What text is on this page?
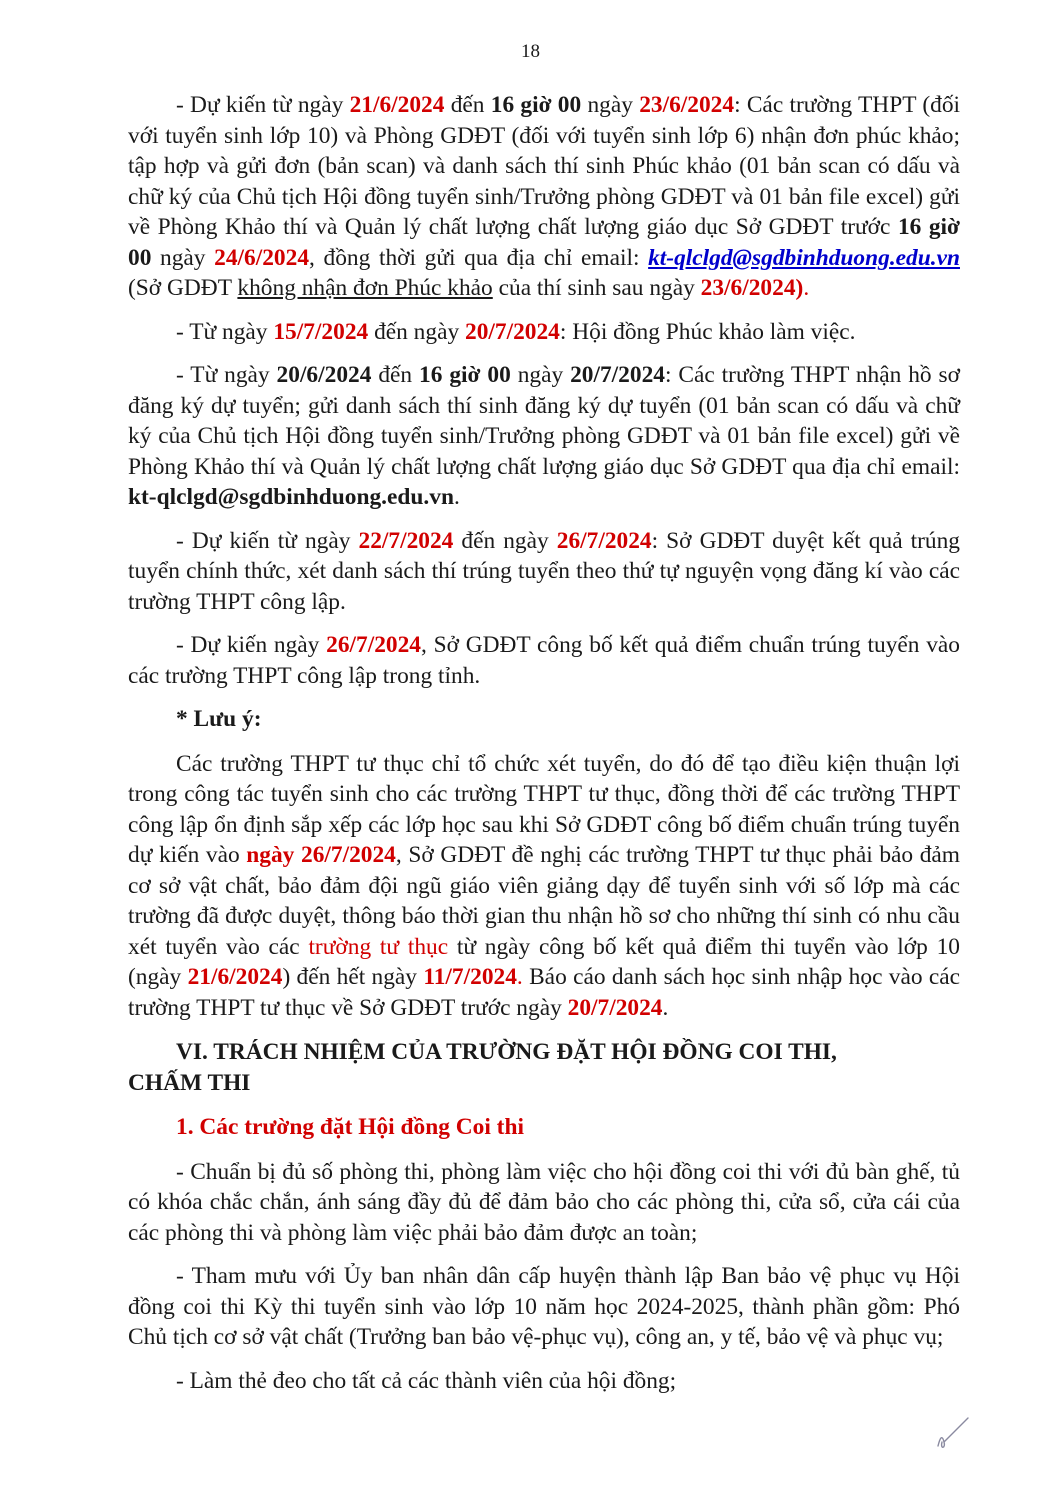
18

- Dự kiến từ ngày 21/6/2024 đến 16 giờ 00 ngày 23/6/2024: Các trường THPT (đối với tuyển sinh lớp 10) và Phòng GDĐT (đối với tuyển sinh lớp 6) nhận đơn phúc khảo; tập hợp và gửi đơn (bản scan) và danh sách thí sinh Phúc khảo (01 bản scan có dấu và chữ ký của Chủ tịch Hội đồng tuyển sinh/Trưởng phòng GDĐT và 01 bản file excel) gửi về Phòng Khảo thí và Quản lý chất lượng chất lượng giáo dục Sở GDĐT trước 16 giờ 00 ngày 24/6/2024, đồng thời gửi qua địa chỉ email: kt-qlclgd@sgdbinhduong.edu.vn (Sở GDĐT không nhận đơn Phúc khảo của thí sinh sau ngày 23/6/2024).

- Từ ngày 15/7/2024 đến ngày 20/7/2024: Hội đồng Phúc khảo làm việc.

- Từ ngày 20/6/2024 đến 16 giờ 00 ngày 20/7/2024: Các trường THPT nhận hồ sơ đăng ký dự tuyển; gửi danh sách thí sinh đăng ký dự tuyển (01 bản scan có dấu và chữ ký của Chủ tịch Hội đồng tuyển sinh/Trưởng phòng GDĐT và 01 bản file excel) gửi về Phòng Khảo thí và Quản lý chất lượng chất lượng giáo dục Sở GDĐT qua địa chỉ email: kt-qlclgd@sgdbinhduong.edu.vn.

- Dự kiến từ ngày 22/7/2024 đến ngày 26/7/2024: Sở GDĐT duyệt kết quả trúng tuyển chính thức, xét danh sách thí trúng tuyển theo thứ tự nguyện vọng đăng kí vào các trường THPT công lập.

- Dự kiến ngày 26/7/2024, Sở GDĐT công bố kết quả điểm chuẩn trúng tuyển vào các trường THPT công lập trong tỉnh.

* Lưu ý:

Các trường THPT tư thục chỉ tổ chức xét tuyển, do đó để tạo điều kiện thuận lợi trong công tác tuyển sinh cho các trường THPT tư thục, đồng thời để các trường THPT công lập ổn định sắp xếp các lớp học sau khi Sở GDĐT công bố điểm chuẩn trúng tuyển dự kiến vào ngày 26/7/2024, Sở GDĐT đề nghị các trường THPT tư thục phải bảo đảm cơ sở vật chất, bảo đảm đội ngũ giáo viên giảng dạy để tuyển sinh với số lớp mà các trường đã được duyệt, thông báo thời gian thu nhận hồ sơ cho những thí sinh có nhu cầu xét tuyển vào các trường tư thục từ ngày công bố kết quả điểm thi tuyển vào lớp 10 (ngày 21/6/2024) đến hết ngày 11/7/2024. Báo cáo danh sách học sinh nhập học vào các trường THPT tư thục về Sở GDĐT trước ngày 20/7/2024.

VI. TRÁCH NHIỆM CỦA TRƯỜNG ĐẶT HỘI ĐỒNG COI THI,
CHẤM THI

1. Các trường đặt Hội đồng Coi thi

- Chuẩn bị đủ số phòng thi, phòng làm việc cho hội đồng coi thi với đủ bàn ghế, tủ có khóa chắc chắn, ánh sáng đầy đủ để đảm bảo cho các phòng thi, cửa sổ, cửa cái của các phòng thi và phòng làm việc phải bảo đảm được an toàn;

- Tham mưu với Ủy ban nhân dân cấp huyện thành lập Ban bảo vệ phục vụ Hội đồng coi thi Kỳ thi tuyển sinh vào lớp 10 năm học 2024-2025, thành phần gồm: Phó Chủ tịch cơ sở vật chất (Trưởng ban bảo vệ-phục vụ), công an, y tế, bảo vệ và phục vụ;

- Làm thẻ đeo cho tất cả các thành viên của hội đồng;
